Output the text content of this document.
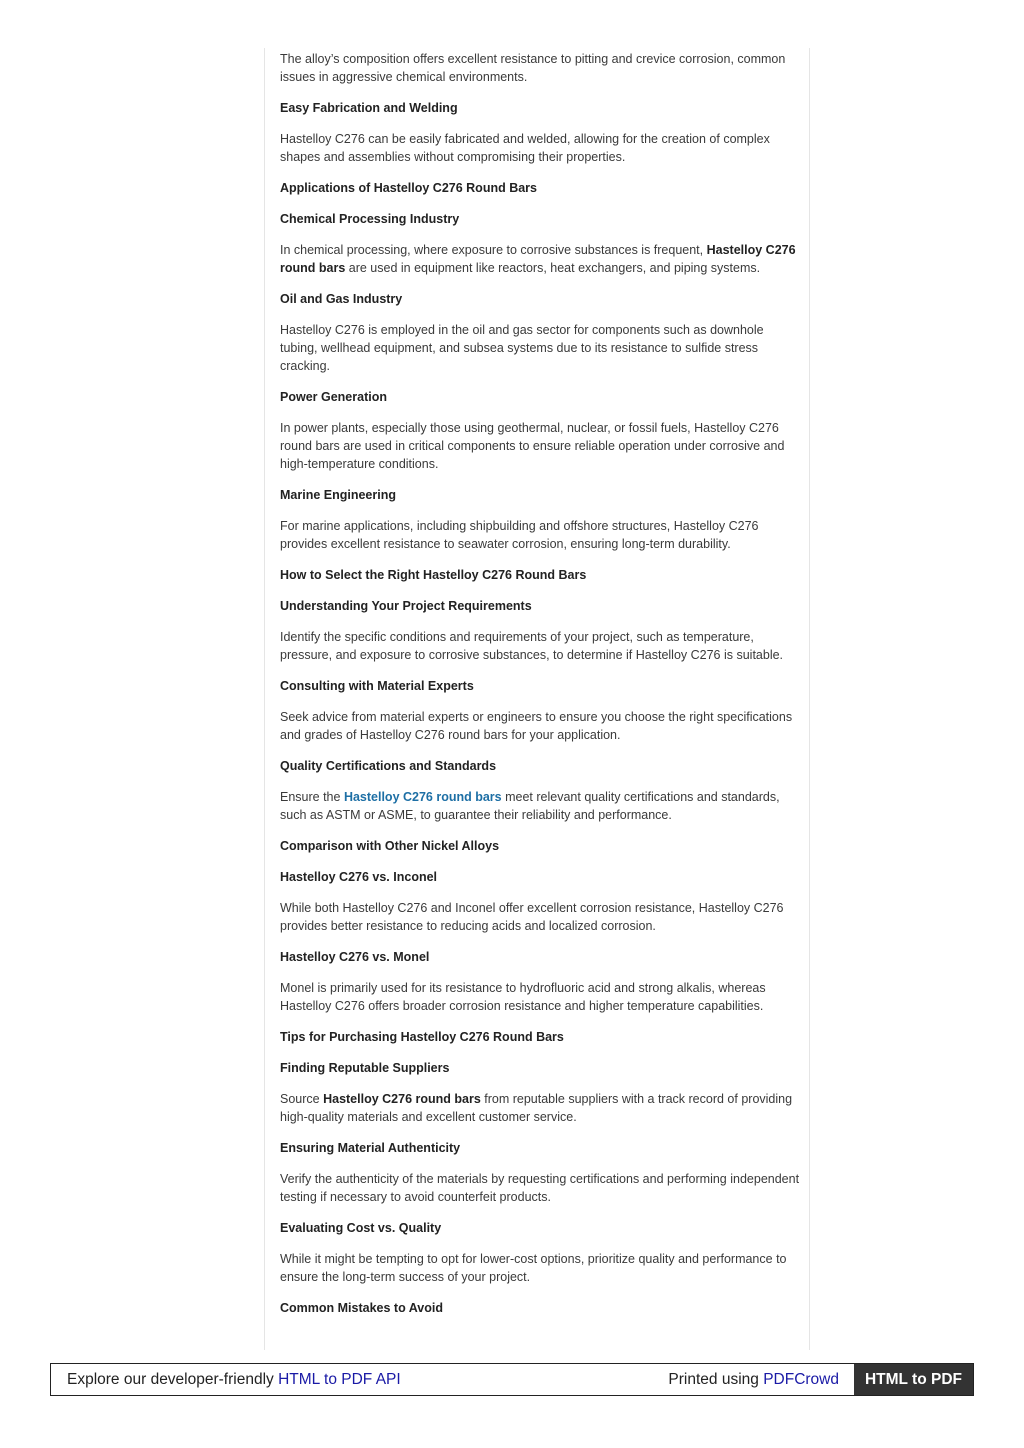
The alloy’s composition offers excellent resistance to pitting and crevice corrosion, common issues in aggressive chemical environments.

Easy Fabrication and Welding

Hastelloy C276 can be easily fabricated and welded, allowing for the creation of complex shapes and assemblies without compromising their properties.

Applications of Hastelloy C276 Round Bars

Chemical Processing Industry

In chemical processing, where exposure to corrosive substances is frequent, Hastelloy C276 round bars are used in equipment like reactors, heat exchangers, and piping systems.

Oil and Gas Industry

Hastelloy C276 is employed in the oil and gas sector for components such as downhole tubing, wellhead equipment, and subsea systems due to its resistance to sulfide stress cracking.

Power Generation

In power plants, especially those using geothermal, nuclear, or fossil fuels, Hastelloy C276 round bars are used in critical components to ensure reliable operation under corrosive and high-temperature conditions.

Marine Engineering

For marine applications, including shipbuilding and offshore structures, Hastelloy C276 provides excellent resistance to seawater corrosion, ensuring long-term durability.

How to Select the Right Hastelloy C276 Round Bars

Understanding Your Project Requirements

Identify the specific conditions and requirements of your project, such as temperature, pressure, and exposure to corrosive substances, to determine if Hastelloy C276 is suitable.

Consulting with Material Experts

Seek advice from material experts or engineers to ensure you choose the right specifications and grades of Hastelloy C276 round bars for your application.

Quality Certifications and Standards

Ensure the Hastelloy C276 round bars meet relevant quality certifications and standards, such as ASTM or ASME, to guarantee their reliability and performance.

Comparison with Other Nickel Alloys

Hastelloy C276 vs. Inconel

While both Hastelloy C276 and Inconel offer excellent corrosion resistance, Hastelloy C276 provides better resistance to reducing acids and localized corrosion.

Hastelloy C276 vs. Monel

Monel is primarily used for its resistance to hydrofluoric acid and strong alkalis, whereas Hastelloy C276 offers broader corrosion resistance and higher temperature capabilities.

Tips for Purchasing Hastelloy C276 Round Bars

Finding Reputable Suppliers

Source Hastelloy C276 round bars from reputable suppliers with a track record of providing high-quality materials and excellent customer service.

Ensuring Material Authenticity

Verify the authenticity of the materials by requesting certifications and performing independent testing if necessary to avoid counterfeit products.

Evaluating Cost vs. Quality

While it might be tempting to opt for lower-cost options, prioritize quality and performance to ensure the long-term success of your project.

Common Mistakes to Avoid

Explore our developer-friendly HTML to PDF API	Printed using PDFCrowd	HTML to PDF
